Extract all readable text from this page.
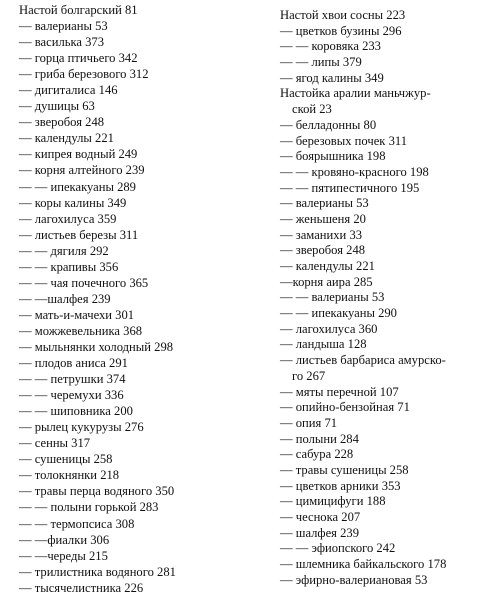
Настой болгарский 81
— валерианы 53
— василька 373
— горца птичьего 342
— гриба березового 312
— дигиталиса 146
— душицы 63
— зверобоя 248
— календулы 221
— кипрея водный 249
— корня алтейного 239
— — ипекакуаны 289
— коры калины 349
— лагохилуса 359
— листьев березы 311
— — дягиля 292
— — крапивы 356
— — чая почечного 365
— —шалфея 239
— мать-и-мачехи 301
— можжевельника 368
— мыльнянки холодный 298
— плодов аниса 291
— — петрушки 374
— — черемухи 336
— — шиповника 200
— рылец кукурузы 276
— сенны 317
— сушеницы 258
— толокнянки 218
— травы перца водяного 350
— — полыни горькой 283
— — термопсиса 308
— —фиалки 306
— —череды 215
— трилистника водяного 281
— тысячелистника 226
Настой хвои сосны 223
— цветков бузины 296
— — коровяка 233
— — липы 379
— ягод калины 349
Настойка аралии маньчжур-
ской 23
— белладонны 80
— березовых почек 311
— боярышника 198
— — кровяно-красного 198
— — пятипестичного 195
— валерианы 53
— женьшеня 20
— заманихи 33
— зверобоя 248
— календулы 221
—корня аира 285
— — валерианы 53
— — ипекакуаны 290
— лагохилуса 360
— ландыша 128
— листьев барбариса амурско-
го 267
— мяты перечной 107
— опийно-бензойная 71
— опия 71
— полыни 284
— сабура 228
— травы сушеницы 258
— цветков арники 353
— цимицифуги 188
— чеснока 207
— шалфея 239
— — эфиопского 242
— шлемника байкальского 178
— эфирно-валериановая 53
